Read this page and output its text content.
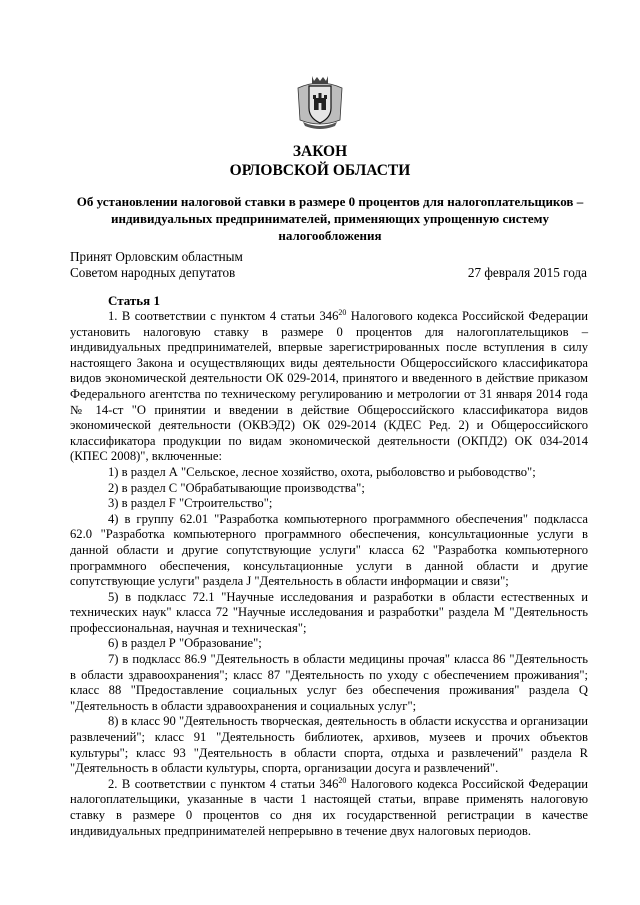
ЗАКОН
ОРЛОВСКОЙ ОБЛАСТИ
Об установлении налоговой ставки в размере 0 процентов для налогоплательщиков – индивидуальных предпринимателей, применяющих упрощенную систему налогообложения
Принят Орловским областным
Советом народных депутатов	27 февраля 2015 года
Статья 1

1. В соответствии с пунктом 4 статьи $346^{20}$ Налогового кодекса Российской Федерации установить налоговую ставку в размере 0 процентов для налогоплательщиков – индивидуальных предпринимателей, впервые зарегистрированных после вступления в силу настоящего Закона и осуществляющих виды деятельности Общероссийского классификатора видов экономической деятельности ОК 029-2014, принятого и введенного в действие приказом Федерального агентства по техническому регулированию и метрологии от 31 января 2014 года № 14-ст "О принятии и введении в действие Общероссийского классификатора видов экономической деятельности (ОКВЭД2) ОК 029-2014 (КДЕС Ред. 2) и Общероссийского классификатора продукции по видам экономической деятельности (ОКПД2) ОК 034-2014 (КПЕС 2008)", включенные:

1) в раздел А "Сельское, лесное хозяйство, охота, рыболовство и рыбоводство";

2) в раздел С "Обрабатывающие производства";

3) в раздел F "Строительство";

4) в группу 62.01 "Разработка компьютерного программного обеспечения" подкласса 62.0 "Разработка компьютерного программного обеспечения, консультационные услуги в данной области и другие сопутствующие услуги" класса 62 "Разработка компьютерного программного обеспечения, консультационные услуги в данной области и другие сопутствующие услуги" раздела J "Деятельность в области информации и связи";

5) в подкласс 72.1 "Научные исследования и разработки в области естественных и технических наук" класса 72 "Научные исследования и разработки" раздела М "Деятельность профессиональная, научная и техническая";

6) в раздел Р "Образование";

7) в подкласс 86.9 "Деятельность в области медицины прочая" класса 86 "Деятельность в области здравоохранения"; класс 87 "Деятельность по уходу с обеспечением проживания"; класс 88 "Предоставление социальных услуг без обеспечения проживания" раздела Q "Деятельность в области здравоохранения и социальных услуг";

8) в класс 90 "Деятельность творческая, деятельность в области искусства и организации развлечений"; класс 91 "Деятельность библиотек, архивов, музеев и прочих объектов культуры"; класс 93 "Деятельность в области спорта, отдыха и развлечений" раздела R "Деятельность в области культуры, спорта, организации досуга и развлечений".

2. В соответствии с пунктом 4 статьи $346^{20}$ Налогового кодекса Российской Федерации налогоплательщики, указанные в части 1 настоящей статьи, вправе применять налоговую ставку в размере 0 процентов со дня их государственной регистрации в качестве индивидуальных предпринимателей непрерывно в течение двух налоговых периодов.
